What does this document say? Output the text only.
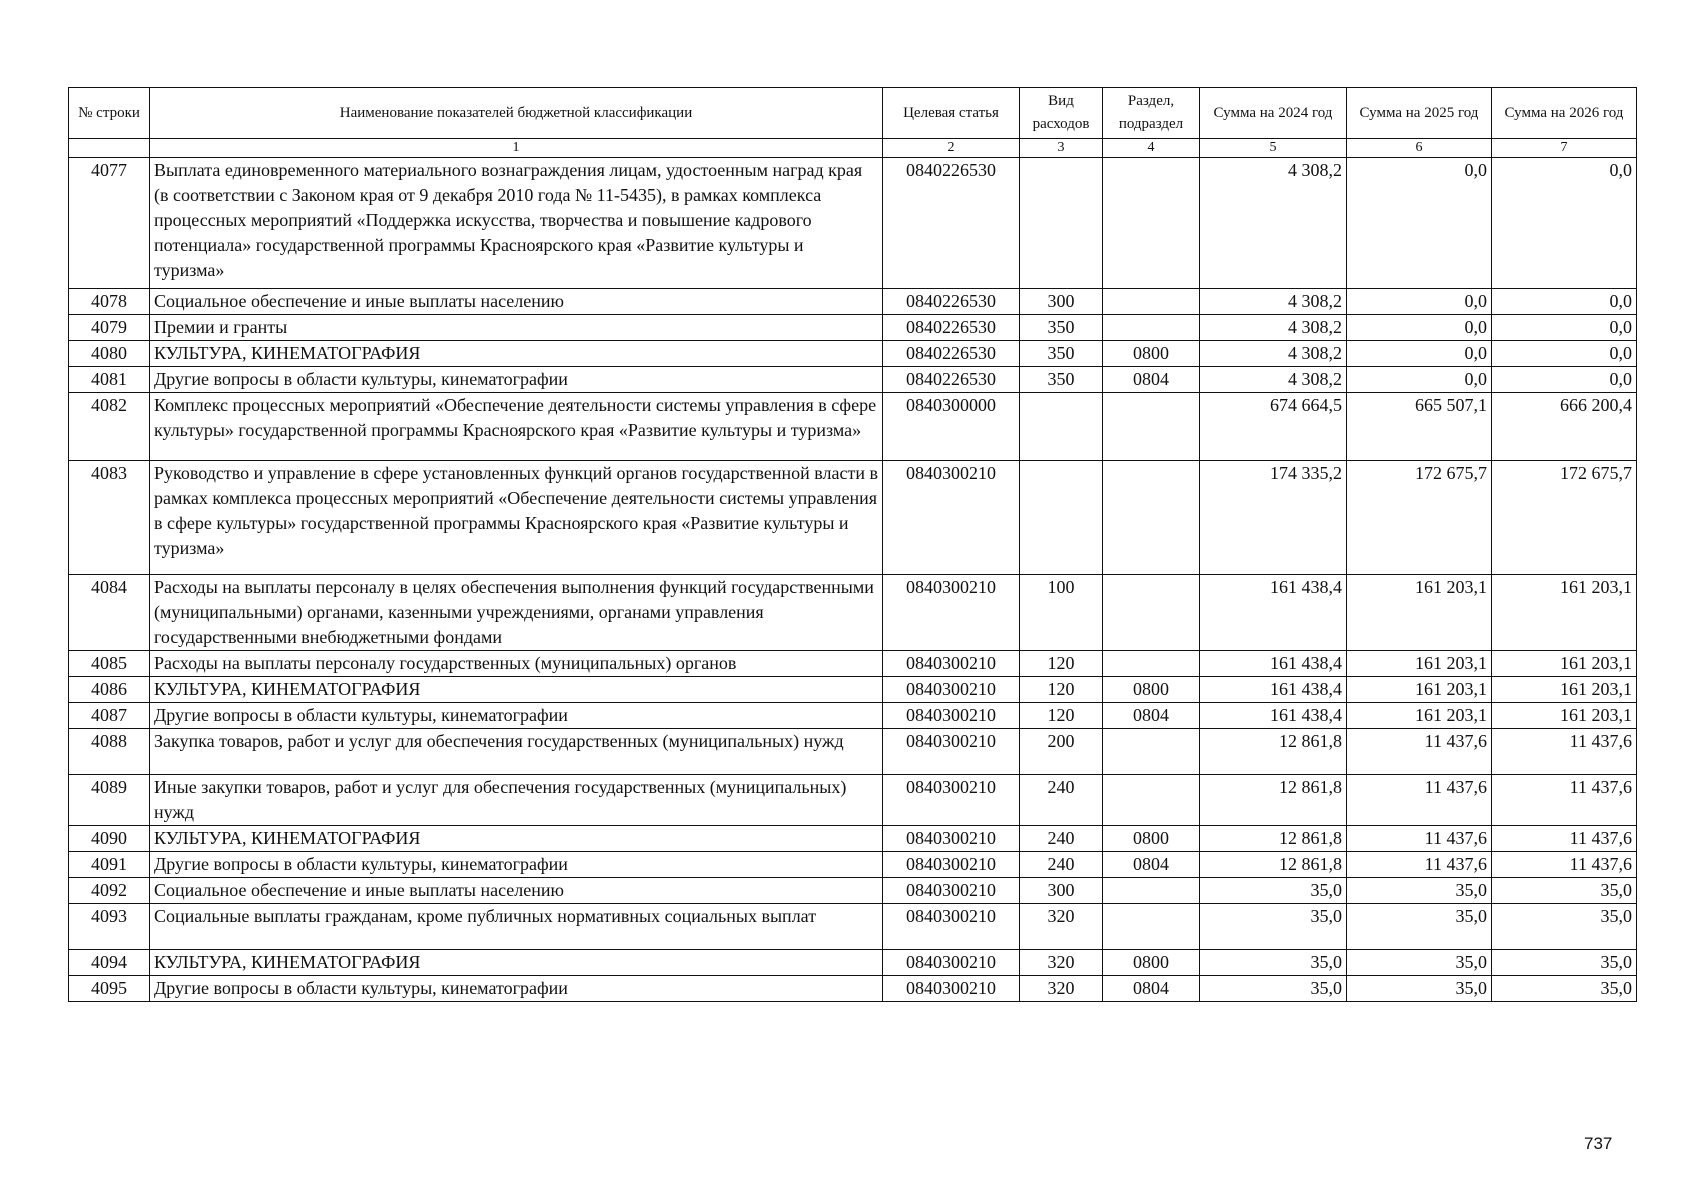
№ строки	Наименование показателей бюджетной классификации	Целевая статья	Вид расходов	Раздел, подраздел	Сумма на 2024 год	Сумма на 2025 год	Сумма на 2026 год
	1	2	3	4	5	6	7
4077	Выплата единовременного материального вознаграждения лицам, удостоенным наград края (в соответствии с Законом края от 9 декабря 2010 года № 11-5435), в рамках комплекса процессных мероприятий «Поддержка искусства, творчества и повышение кадрового потенциала» государственной программы Красноярского края «Развитие культуры и туризма»	0840226530			4 308,2	0,0	0,0
4078	Социальное обеспечение и иные выплаты населению	0840226530	300		4 308,2	0,0	0,0
4079	Премии и гранты	0840226530	350		4 308,2	0,0	0,0
4080	КУЛЬТУРА, КИНЕМАТОГРАФИЯ	0840226530	350	0800	4 308,2	0,0	0,0
4081	Другие вопросы в области культуры, кинематографии	0840226530	350	0804	4 308,2	0,0	0,0
4082	Комплекс процессных мероприятий «Обеспечение деятельности системы управления в сфере культуры» государственной программы Красноярского края «Развитие культуры и туризма»	0840300000			674 664,5	665 507,1	666 200,4
4083	Руководство и управление в сфере установленных функций органов государственной власти в рамках комплекса процессных мероприятий «Обеспечение деятельности системы управления в сфере культуры» государственной программы Красноярского края «Развитие культуры и туризма»	0840300210			174 335,2	172 675,7	172 675,7
4084	Расходы на выплаты персоналу в целях обеспечения выполнения функций государственными (муниципальными) органами, казенными учреждениями, органами управления государственными внебюджетными фондами	0840300210	100		161 438,4	161 203,1	161 203,1
4085	Расходы на выплаты персоналу государственных (муниципальных) органов	0840300210	120		161 438,4	161 203,1	161 203,1
4086	КУЛЬТУРА, КИНЕМАТОГРАФИЯ	0840300210	120	0800	161 438,4	161 203,1	161 203,1
4087	Другие вопросы в области культуры, кинематографии	0840300210	120	0804	161 438,4	161 203,1	161 203,1
4088	Закупка товаров, работ и услуг для обеспечения государственных (муниципальных) нужд	0840300210	200		12 861,8	11 437,6	11 437,6
4089	Иные закупки товаров, работ и услуг для обеспечения государственных (муниципальных) нужд	0840300210	240		12 861,8	11 437,6	11 437,6
4090	КУЛЬТУРА, КИНЕМАТОГРАФИЯ	0840300210	240	0800	12 861,8	11 437,6	11 437,6
4091	Другие вопросы в области культуры, кинематографии	0840300210	240	0804	12 861,8	11 437,6	11 437,6
4092	Социальное обеспечение и иные выплаты населению	0840300210	300		35,0	35,0	35,0
4093	Социальные выплаты гражданам, кроме публичных нормативных социальных выплат	0840300210	320		35,0	35,0	35,0
4094	КУЛЬТУРА, КИНЕМАТОГРАФИЯ	0840300210	320	0800	35,0	35,0	35,0
4095	Другие вопросы в области культуры, кинематографии	0840300210	320	0804	35,0	35,0	35,0
737
